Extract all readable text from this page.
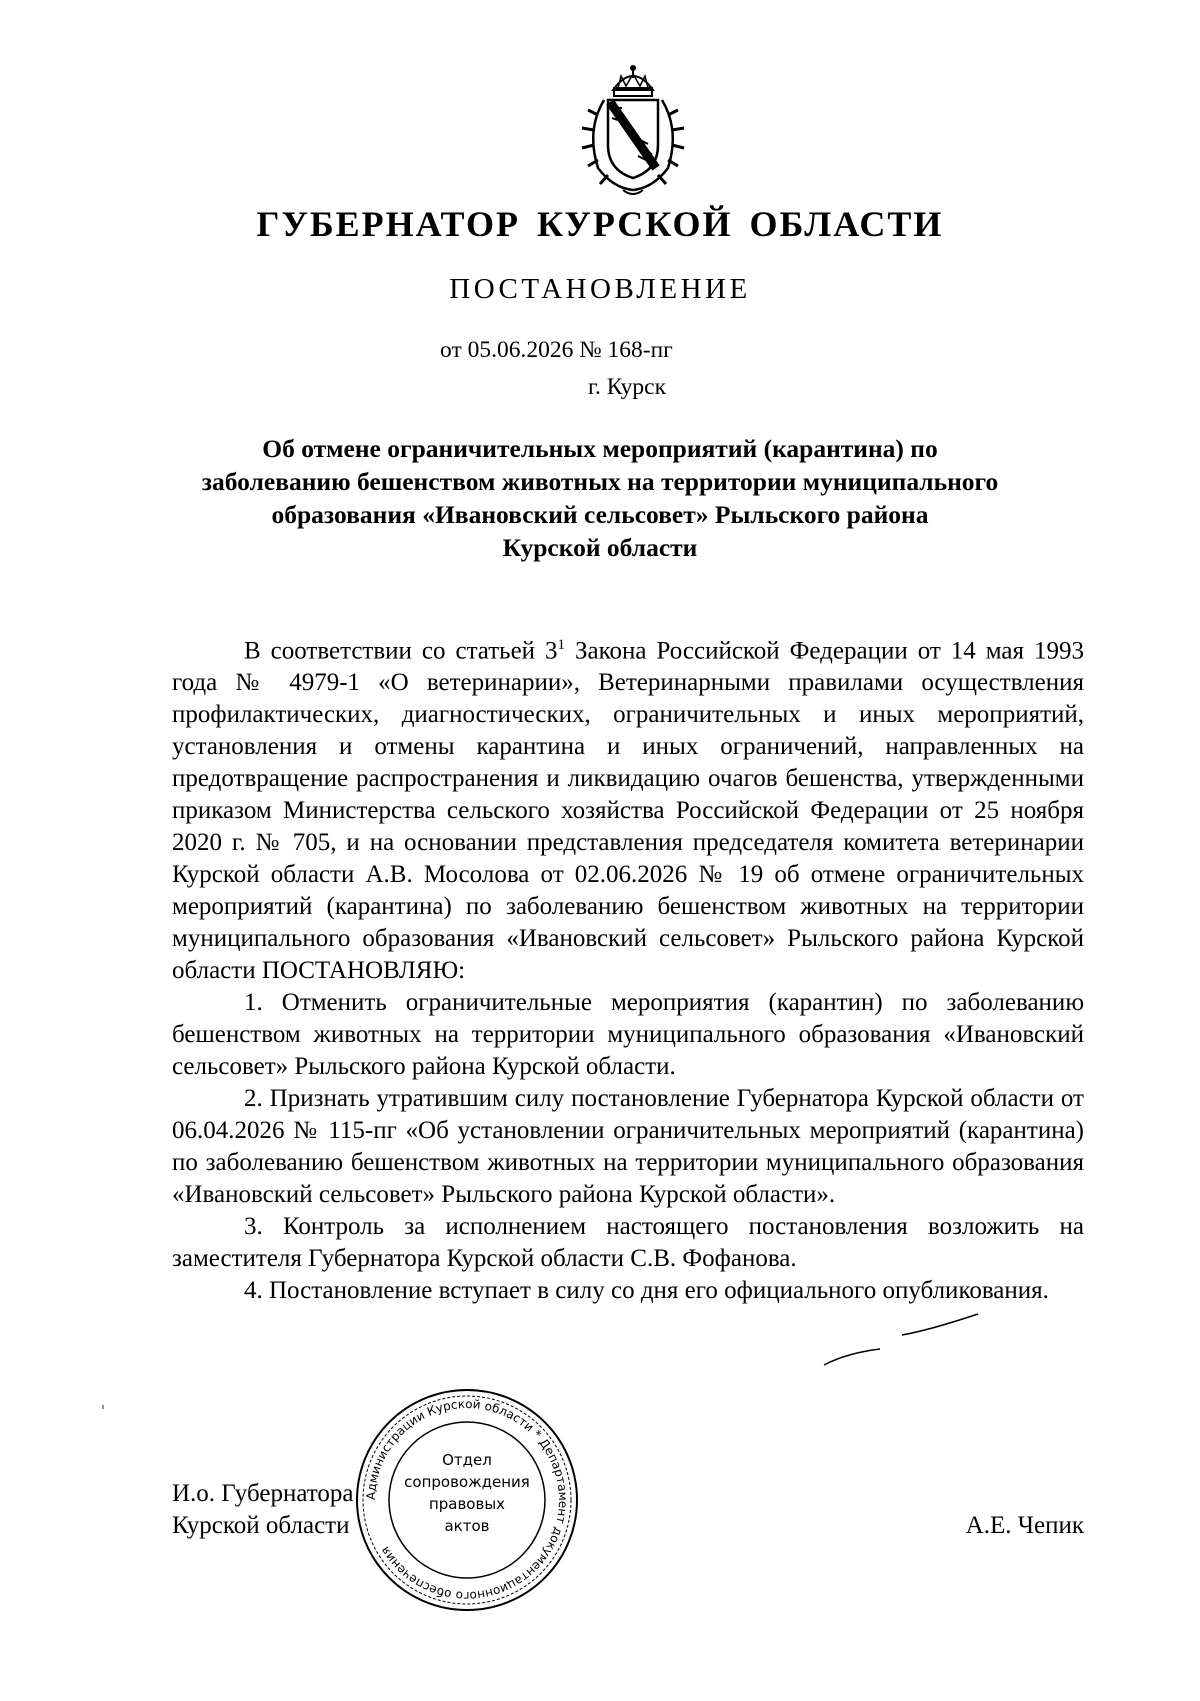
ГУБЕРНАТОР КУРСКОЙ ОБЛАСТИ
ПОСТАНОВЛЕНИЕ
от 05.06.2026 № 168-пг
г. Курск
Об отмене ограничительных мероприятий (карантина) по
заболеванию бешенством животных на территории муниципального
образования «Ивановский сельсовет» Рыльского района
Курской области

В соответствии со статьей $3^1$ Закона Российской Федерации от 14 мая 1993 года № 4979-1 «О ветеринарии», Ветеринарными правилами осуществления профилактических, диагностических, ограничительных и иных мероприятий, установления и отмены карантина и иных ограничений, направленных на предотвращение распространения и ликвидацию очагов бешенства, утвержденными приказом Министерства сельского хозяйства Российской Федерации от 25 ноября 2020 г. № 705, и на основании представления председателя комитета ветеринарии Курской области А.В. Мосолова от 02.06.2026 № 19 об отмене ограничительных мероприятий (карантина) по заболеванию бешенством животных на территории муниципального образования «Ивановский сельсовет» Рыльского района Курской области ПОСТАНОВЛЯЮ:

1. Отменить ограничительные мероприятия (карантин) по заболеванию бешенством животных на территории муниципального образования «Ивановский сельсовет» Рыльского района Курской области.

2. Признать утратившим силу постановление Губернатора Курской области от 06.04.2026 № 115-пг «Об установлении ограничительных мероприятий (карантина) по заболеванию бешенством животных на территории муниципального образования «Ивановский сельсовет» Рыльского района Курской области».

3. Контроль за исполнением настоящего постановления возложить на заместителя Губернатора Курской области С.В. Фофанова.

4. Постановление вступает в силу со дня его официального опубликования.

И.о. Губернатора
Курской области	А.Е. Чепик
Администрации Курской области * Департамент документационного обеспечения
Отдел
сопровождения
правовых
актов
